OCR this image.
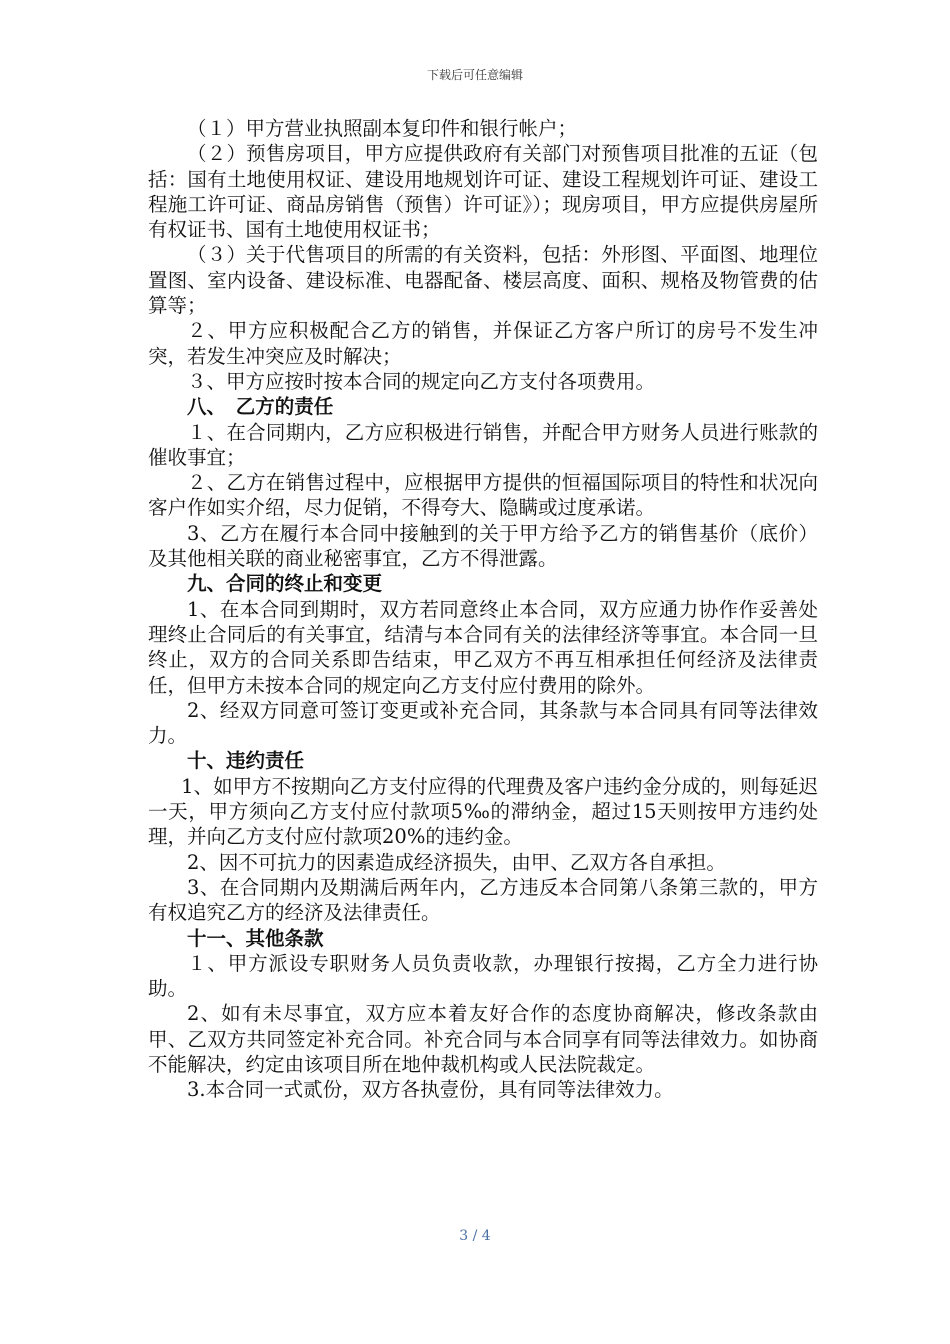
下载后可任意编辑

（１）甲方营业执照副本复印件和银行帐户；

（２）预售房项目，甲方应提供政府有关部门对预售项目批准的五证（包括：国有土地使用权证、建设用地规划许可证、建设工程规划许可证、建设工程施工许可证、商品房销售（预售）许可证》）；现房项目，甲方应提供房屋所有权证书、国有土地使用权证书；

（３）关于代售项目的所需的有关资料，包括：外形图、平面图、地理位置图、室内设备、建设标准、电器配备、楼层高度、面积、规格及物管费的估算等；

２、甲方应积极配合乙方的销售，并保证乙方客户所订的房号不发生冲突，若发生冲突应及时解决；

３、甲方应按时按本合同的规定向乙方支付各项费用。

八、　乙方的责任

１、在合同期内，乙方应积极进行销售，并配合甲方财务人员进行账款的催收事宜；

２、乙方在销售过程中，应根据甲方提供的恒福国际项目的特性和状况向客户作如实介绍，尽力促销，不得夸大、隐瞒或过度承诺。

3、乙方在履行本合同中接触到的关于甲方给予乙方的销售基价（底价）及其他相关联的商业秘密事宜，乙方不得泄露。

九、合同的终止和变更

1、在本合同到期时，双方若同意终止本合同，双方应通力协作作妥善处理终止合同后的有关事宜，结清与本合同有关的法律经济等事宜。本合同一旦终止，双方的合同关系即告结束，甲乙双方不再互相承担任何经济及法律责任，但甲方未按本合同的规定向乙方支付应付费用的除外。

2、经双方同意可签订变更或补充合同，其条款与本合同具有同等法律效力。

十、违约责任

1、如甲方不按期向乙方支付应得的代理费及客户违约金分成的，则每延迟一天，甲方须向乙方支付应付款项5‰的滞纳金，超过15天则按甲方违约处理，并向乙方支付应付款项20%的违约金。

2、因不可抗力的因素造成经济损失，由甲、乙双方各自承担。

3、在合同期内及期满后两年内，乙方违反本合同第八条第三款的，甲方有权追究乙方的经济及法律责任。

十一、其他条款

１、甲方派设专职财务人员负责收款，办理银行按揭，乙方全力进行协助。

2、如有未尽事宜，双方应本着友好合作的态度协商解决，修改条款由甲、乙双方共同签定补充合同。补充合同与本合同享有同等法律效力。如协商不能解决，约定由该项目所在地仲裁机构或人民法院裁定。

3.本合同一式贰份，双方各执壹份，具有同等法律效力。

3 / 4
